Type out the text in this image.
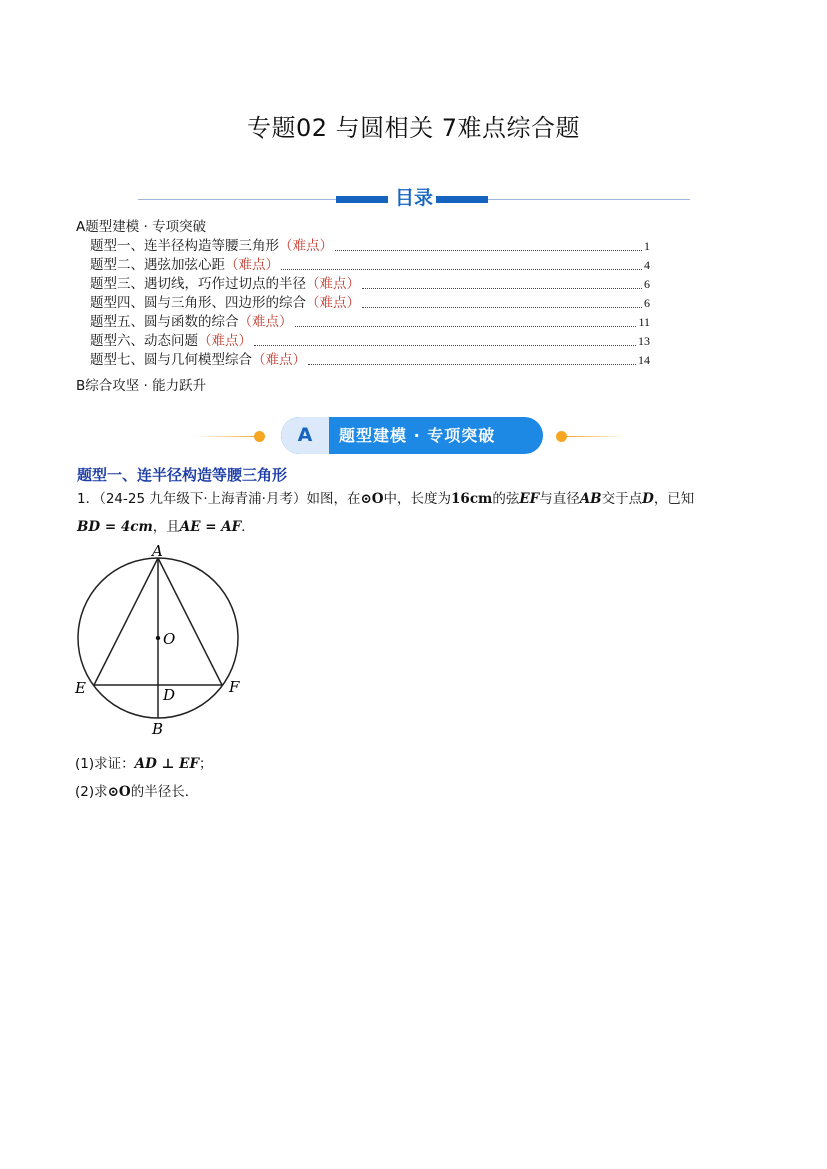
专题02 与圆相关 7难点综合题
目录
A题型建模 · 专项突破
题型一、连半径构造等腰三角形 （难点）	1
题型二、遇弦加弦心距 （难点）	4
题型三、遇切线，巧作过切点的半径 （难点）	6
题型四、圆与三角形、四边形的综合 （难点）	6
题型五、圆与函数的综合 （难点）	11
题型六、动态问题 （难点）	13
题型七、圆与几何模型综合 （难点）	14
B综合攻坚 · 能力跃升
A	题型建模 · 专项突破
题型一、连半径构造等腰三角形
1．（24-25 九年级下·上海青浦·月考）如图，在⊙O中，长度为16cm的弦EF与直径AB交于点D，已知
BD = 4cm，且AE = AF．
A
O
E	F
D
B
(1)求证：AD ⊥ EF；
(2)求⊙O的半径长．
